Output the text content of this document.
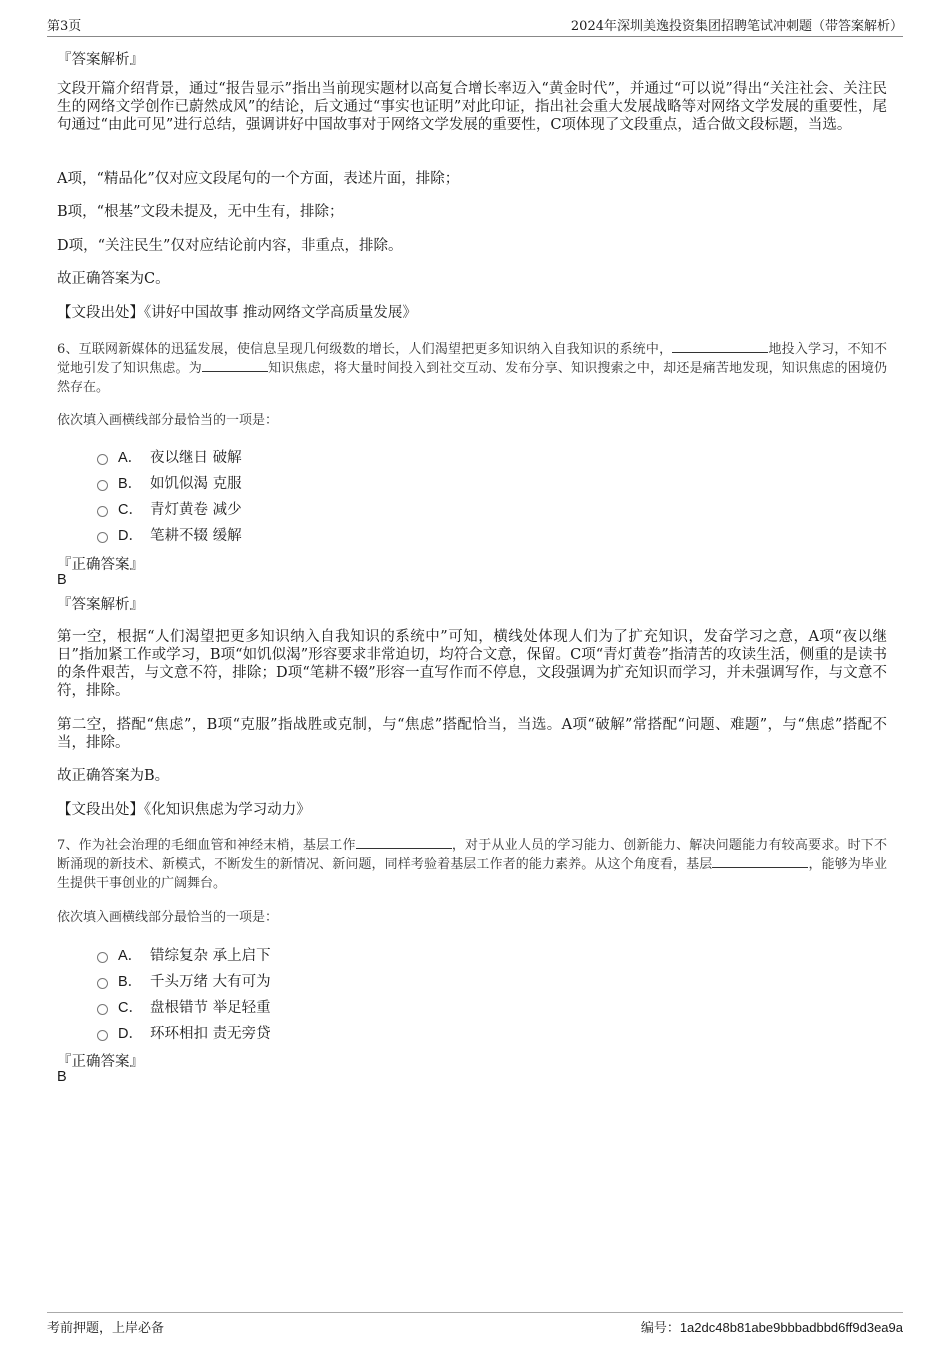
第3页	2024年深圳美逸投资集团招聘笔试冲刺题（带答案解析）
『答案解析』
文段开篇介绍背景，通过“报告显示”指出当前现实题材以高复合增长率迈入“黄金时代”，并通过“可以说”得出“关注社会、关注民生的网络文学创作已蔚然成风”的结论，后文通过“事实也证明”对此印证，指出社会重大发展战略等对网络文学发展的重要性，尾句通过“由此可见”进行总结，强调讲好中国故事对于网络文学发展的重要性，C项体现了文段重点，适合做文段标题，当选。
A项，“精品化”仅对应文段尾句的一个方面，表述片面，排除；
B项，“根基”文段未提及，无中生有，排除；
D项，“关注民生”仅对应结论前内容，非重点，排除。
故正确答案为C。
【文段出处】《讲好中国故事 推动网络文学高质量发展》
6、互联网新媒体的迅猛发展，使信息呈现几何级数的增长，人们渴望把更多知识纳入自我知识的系统中，	地投入学习，不知不觉地引发了知识焦虑。为	知识焦虑，将大量时间投入到社交互动、发布分享、知识搜索之中，却还是痛苦地发现，知识焦虑的困境仍然存在。
依次填入画横线部分最恰当的一项是：
A． 夜以继日 破解
B． 如饥似渴 克服
C． 青灯黄卷 减少
D． 笔耕不辍 缓解
『正确答案』
B
『答案解析』
第一空，根据“人们渴望把更多知识纳入自我知识的系统中”可知，横线处体现人们为了扩充知识，发奋学习之意，A项“夜以继日”指加紧工作或学习，B项“如饥似渴”形容要求非常迫切，均符合文意，保留。C项“青灯黄卷”指清苦的攻读生活，侧重的是读书的条件艰苦，与文意不符，排除；D项“笔耕不辍”形容一直写作而不停息，文段强调为扩充知识而学习，并未强调写作，与文意不符，排除。
第二空，搭配“焦虑”，B项“克服”指战胜或克制，与“焦虑”搭配恰当，当选。A项“破解”常搭配“问题、难题”，与“焦虑”搭配不当，排除。
故正确答案为B。
【文段出处】《化知识焦虑为学习动力》
7、作为社会治理的毛细血管和神经末梢，基层工作	，对于从业人员的学习能力、创新能力、解决问题能力有较高要求。时下不断涌现的新技术、新模式，不断发生的新情况、新问题，同样考验着基层工作者的能力素养。从这个角度看，基层	，能够为毕业生提供干事创业的广阔舞台。
依次填入画横线部分最恰当的一项是：
A． 错综复杂 承上启下
B． 千头万绪 大有可为
C． 盘根错节 举足轻重
D． 环环相扣 责无旁贷
『正确答案』
B
考前押题，上岸必备	编号：1a2dc48b81abe9bbbadbbd6ff9d3ea9a
